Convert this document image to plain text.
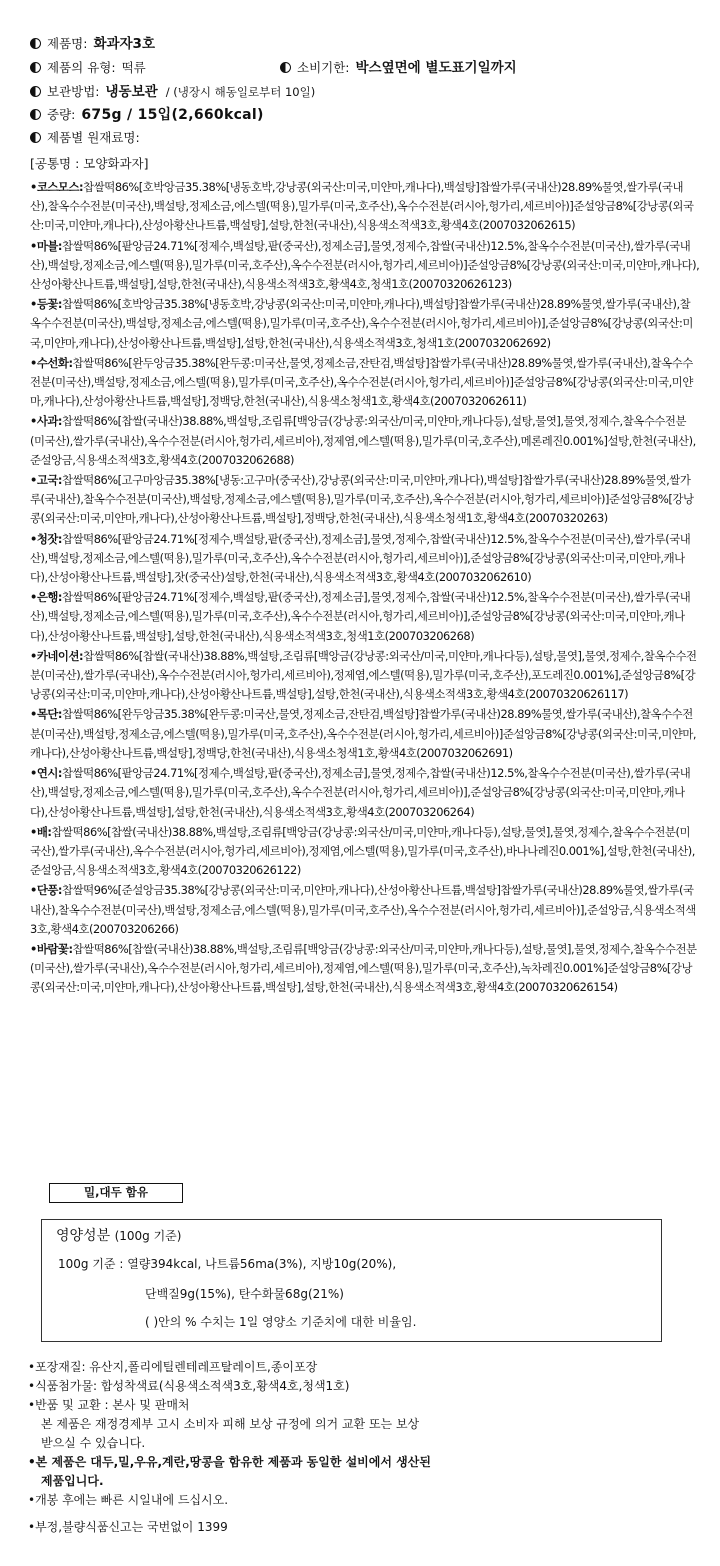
제품명: 화과자3호
제품의 유형: 떡류	소비기한: 박스옆면에 별도표기일까지
보관방법: 냉동보관 / (냉장시 해동일로부터 10일)
중량: 675g / 15입(2,660kcal)
제품별 원재료명:
[공통명 : 모양화과자]
•코스모스:찹쌀떡86%[호박앙금35.38%[냉동호박,강낭콩(외국산:미국,미얀마,캐나다),백설탕]찹쌀가루(국내산)28.89%물엿,쌀가루(국내산),찰옥수수전분(미국산),백설탕,정제소금,에스텔(떡용),밀가루(미국,호주산),옥수수전분(러시아,헝가리,세르비아)]준설앙금8%[강낭콩(외국산:미국,미얀마,캐나다),산성아황산나트륨,백설탕],설탕,한천(국내산),식용색소적색3호,황색4호(2007032062615)
•마블:찹쌀떡86%[팥앙금24.71%[정제수,백설탕,팥(중국산),정제소금],물엿,정제수,찹쌀(국내산)12.5%,찰옥수수전분(미국산),쌀가루(국내산),백설탕,정제소금,에스텔(떡용),밀가루(미국,호주산),옥수수전분(러시아,헝가리,세르비아)]준설앙금8%[강낭콩(외국산:미국,미얀마,캐나다),산성아황산나트륨,백설탕],설탕,한천(국내산),식용색소적색3호,황색4호,청색1호(20070320626123)
•등꽃:찹쌀떡86%[호박앙금35.38%[냉동호박,강낭콩(외국산:미국,미얀마,캐나다),백설탕]찹쌀가루(국내산)28.89%물엿,쌀가루(국내산),찰옥수수전분(미국산),백설탕,정제소금,에스텔(떡용),밀가루(미국,호주산),옥수수전분(러시아,헝가리,세르비아)],준설앙금8%[강낭콩(외국산:미국,미얀마,캐나다),산성아황산나트륨,백설탕],설탕,한천(국내산),식용색소적색3호,청색1호(2007032062692)
•수선화:찹쌀떡86%[완두앙금35.38%[완두콩:미국산,물엿,정제소금,잔탄검,백설탕]찹쌀가루(국내산)28.89%물엿,쌀가루(국내산),찰옥수수전분(미국산),백설탕,정제소금,에스텔(떡용),밀가루(미국,호주산),옥수수전분(러시아,헝가리,세르비아)]준설앙금8%[강낭콩(외국산:미국,미얀마,캐나다),산성아황산나트륨,백설탕],정백당,한천(국내산),식용색소청색1호,황색4호(2007032062611)
•사과:찹쌀떡86%[찹쌀(국내산)38.88%,백설탕,조림류[백앙금(강낭콩:외국산/미국,미얀마,캐나다등),설탕,물엿],물엿,정제수,찰옥수수전분(미국산),쌀가루(국내산),옥수수전분(러시아,헝가리,세르비아),정제염,에스텔(떡용),밀가루(미국,호주산),메론레진0.001%]설탕,한천(국내산),준설앙금,식용색소적색3호,황색4호(2007032062688)
•고국:찹쌀떡86%[고구마앙금35.38%[냉동:고구마(중국산),강낭콩(외국산:미국,미얀마,캐나다),백설탕]찹쌀가루(국내산)28.89%물엿,쌀가루(국내산),찰옥수수전분(미국산),백설탕,정제소금,에스텔(떡용),밀가루(미국,호주산),옥수수전분(러시아,헝가리,세르비아)]준설앙금8%[강낭콩(외국산:미국,미얀마,캐나다),산성아황산나트륨,백설탕],정백당,한천(국내산),식용색소청색1호,황색4호(20070320263)
•청잣:찹쌀떡86%[팥앙금24.71%[정제수,백설탕,팥(중국산),정제소금],물엿,정제수,찹쌀(국내산)12.5%,찰옥수수전분(미국산),쌀가루(국내산),백설탕,정제소금,에스텔(떡용),밀가루(미국,호주산),옥수수전분(러시아,헝가리,세르비아)],준설앙금8%[강낭콩(외국산:미국,미얀마,캐나다),산성아황산나트륨,백설탕],잣(중국산)설탕,한천(국내산),식용색소적색3호,황색4호(2007032062610)
•은행:찹쌀떡86%[팥앙금24.71%[정제수,백설탕,팥(중국산),정제소금],물엿,정제수,찹쌀(국내산)12.5%,찰옥수수전분(미국산),쌀가루(국내산),백설탕,정제소금,에스텔(떡용),밀가루(미국,호주산),옥수수전분(러시아,헝가리,세르비아)],준설앙금8%[강낭콩(외국산:미국,미얀마,캐나다),산성아황산나트륨,백설탕],설탕,한천(국내산),식용색소적색3호,청색1호(200703206268)
•카네이션:찹쌀떡86%[찹쌀(국내산)38.88%,백설탕,조림류[백앙금(강낭콩:외국산/미국,미얀마,캐나다등),설탕,물엿],물엿,정제수,찰옥수수전분(미국산),쌀가루(국내산),옥수수전분(러시아,헝가리,세르비아),정제염,에스텔(떡용),밀가루(미국,호주산),포도레진0.001%],준설앙금8%[강낭콩(외국산:미국,미얀마,캐나다),산성아황산나트륨,백설탕],설탕,한천(국내산),식용색소적색3호,황색4호(20070320626117)
•목단:찹쌀떡86%[완두앙금35.38%[완두콩:미국산,물엿,정제소금,잔탄검,백설탕]찹쌀가루(국내산)28.89%물엿,쌀가루(국내산),찰옥수수전분(미국산),백설탕,정제소금,에스텔(떡용),밀가루(미국,호주산),옥수수전분(러시아,헝가리,세르비아)]준설앙금8%[강낭콩(외국산:미국,미얀마,캐나다),산성아황산나트륨,백설탕],정백당,한천(국내산),식용색소청색1호,황색4호(2007032062691)
•연시:찹쌀떡86%[팥앙금24.71%[정제수,백설탕,팥(중국산),정제소금],물엿,정제수,찹쌀(국내산)12.5%,찰옥수수전분(미국산),쌀가루(국내산),백설탕,정제소금,에스텔(떡용),밀가루(미국,호주산),옥수수전분(러시아,헝가리,세르비아)],준설앙금8%[강낭콩(외국산:미국,미얀마,캐나다),산성아황산나트륨,백설탕],설탕,한천(국내산),식용색소적색3호,황색4호(200703206264)
•배:찹쌀떡86%[찹쌀(국내산)38.88%,백설탕,조림류[백앙금(강낭콩:외국산/미국,미얀마,캐나다등),설탕,물엿],물엿,정제수,찰옥수수전분(미국산),쌀가루(국내산),옥수수전분(러시아,헝가리,세르비아),정제염,에스텔(떡용),밀가루(미국,호주산),바나나레진0.001%],설탕,한천(국내산),준설앙금,식용색소적색3호,황색4호(20070320626122)
•단풍:찹쌀떡96%[준설앙금35.38%[강낭콩(외국산:미국,미얀마,캐나다),산성아황산나트륨,백설탕]찹쌀가루(국내산)28.89%물엿,쌀가루(국내산),찰옥수수전분(미국산),백설탕,정제소금,에스텔(떡용),밀가루(미국,호주산),옥수수전분(러시아,헝가리,세르비아)],준설앙금,식용색소적색3호,황색4호(200703206266)
•바람꽃:찹쌀떡86%[찹쌀(국내산)38.88%,백설탕,조림류[백앙금(강낭콩:외국산/미국,미얀마,캐나다등),설탕,물엿],물엿,정제수,찰옥수수전분(미국산),쌀가루(국내산),옥수수전분(러시아,헝가리,세르비아),정제염,에스텔(떡용),밀가루(미국,호주산),녹차레진0.001%]준설앙금8%[강낭콩(외국산:미국,미얀마,캐나다),산성아황산나트륨,백설탕],설탕,한천(국내산),식용색소적색3호,황색4호(20070320626154)
밀,대두 함유
영양성분 (100g 기준)
100g 기준 : 열량394kcal, 나트륨56ma(3%), 지방10g(20%),
단백질9g(15%), 탄수화물68g(21%)
( )안의 % 수치는 1일 영양소 기준치에 대한 비율임.
•포장재질: 유산지,폴리에틸렌테레프탈레이트,종이포장
•식품첨가물: 합성착색료(식용색소적색3호,황색4호,청색1호)
•반품 및 교환 : 본사 및 판매처
본 제품은 재정경제부 고시 소비자 피해 보상 규정에 의거 교환 또는 보상
받으실 수 있습니다.
•본 제품은 대두,밀,우유,계란,땅콩을 함유한 제품과 동일한 설비에서 생산된
제품입니다.
•개봉 후에는 빠른 시일내에 드십시오.
•부정,불량식품신고는 국번없이 1399
